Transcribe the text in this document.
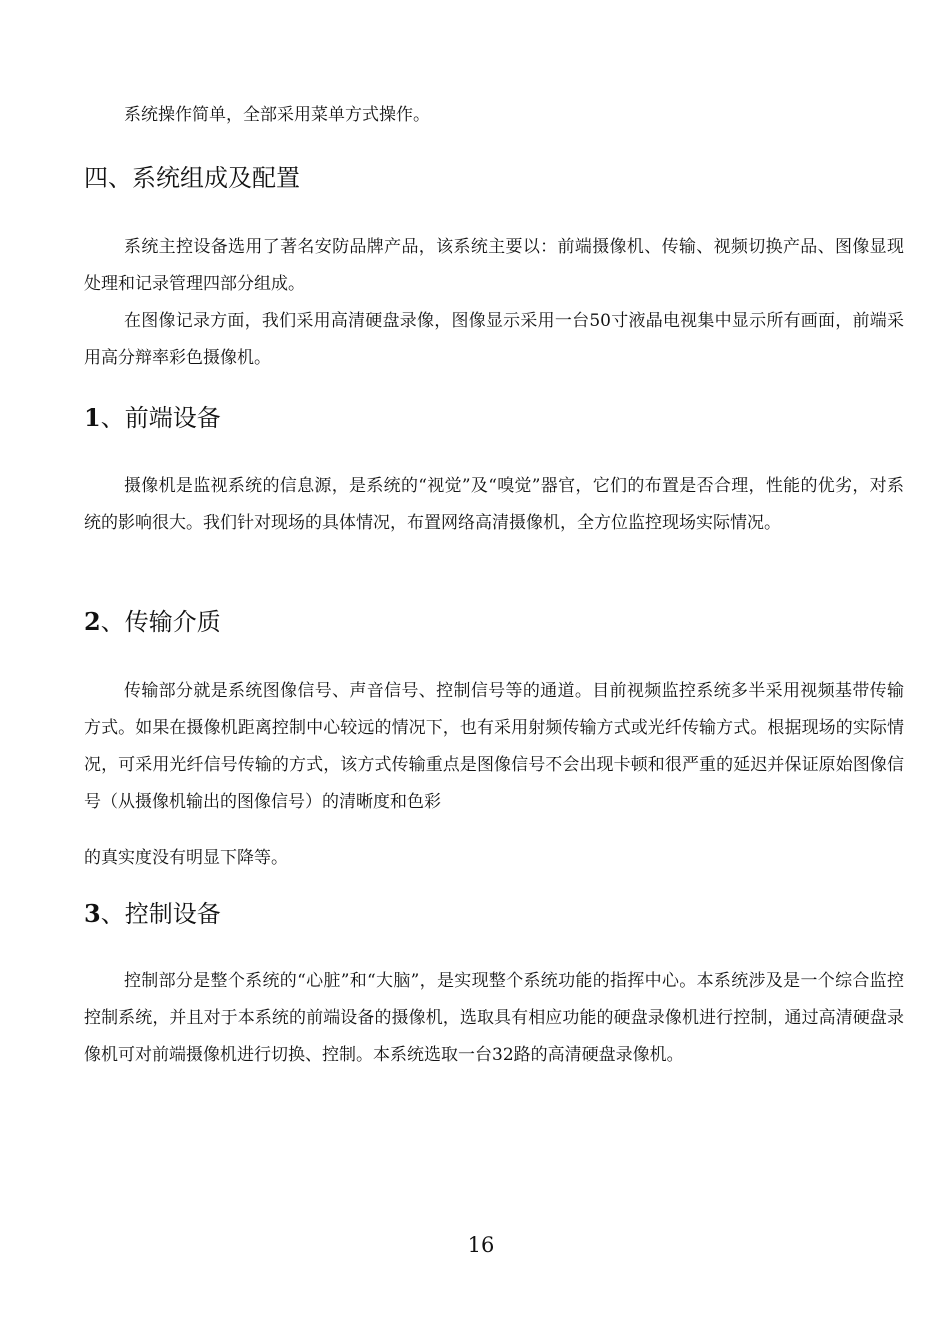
系统操作简单，全部采用菜单方式操作。

四、系统组成及配置

系统主控设备选用了著名安防品牌产品，该系统主要以：前端摄像机、传输、视频切换产品、图像显现处理和记录管理四部分组成。

在图像记录方面，我们采用高清硬盘录像，图像显示采用一台50寸液晶电视集中显示所有画面，前端采用高分辩率彩色摄像机。

1、前端设备

摄像机是监视系统的信息源，是系统的“视觉”及“嗅觉”器官，它们的布置是否合理，性能的优劣，对系统的影响很大。我们针对现场的具体情况，布置网络高清摄像机，全方位监控现场实际情况。

2、传输介质

传输部分就是系统图像信号、声音信号、控制信号等的通道。目前视频监控系统多半采用视频基带传输方式。如果在摄像机距离控制中心较远的情况下，也有采用射频传输方式或光纤传输方式。根据现场的实际情况，可采用光纤信号传输的方式，该方式传输重点是图像信号不会出现卡顿和很严重的延迟并保证原始图像信号（从摄像机输出的图像信号）的清晰度和色彩

的真实度没有明显下降等。

3、控制设备

控制部分是整个系统的“心脏”和“大脑”，是实现整个系统功能的指挥中心。本系统涉及是一个综合监控控制系统，并且对于本系统的前端设备的摄像机，选取具有相应功能的硬盘录像机进行控制，通过高清硬盘录像机可对前端摄像机进行切换、控制。本系统选取一台32路的高清硬盘录像机。

16
